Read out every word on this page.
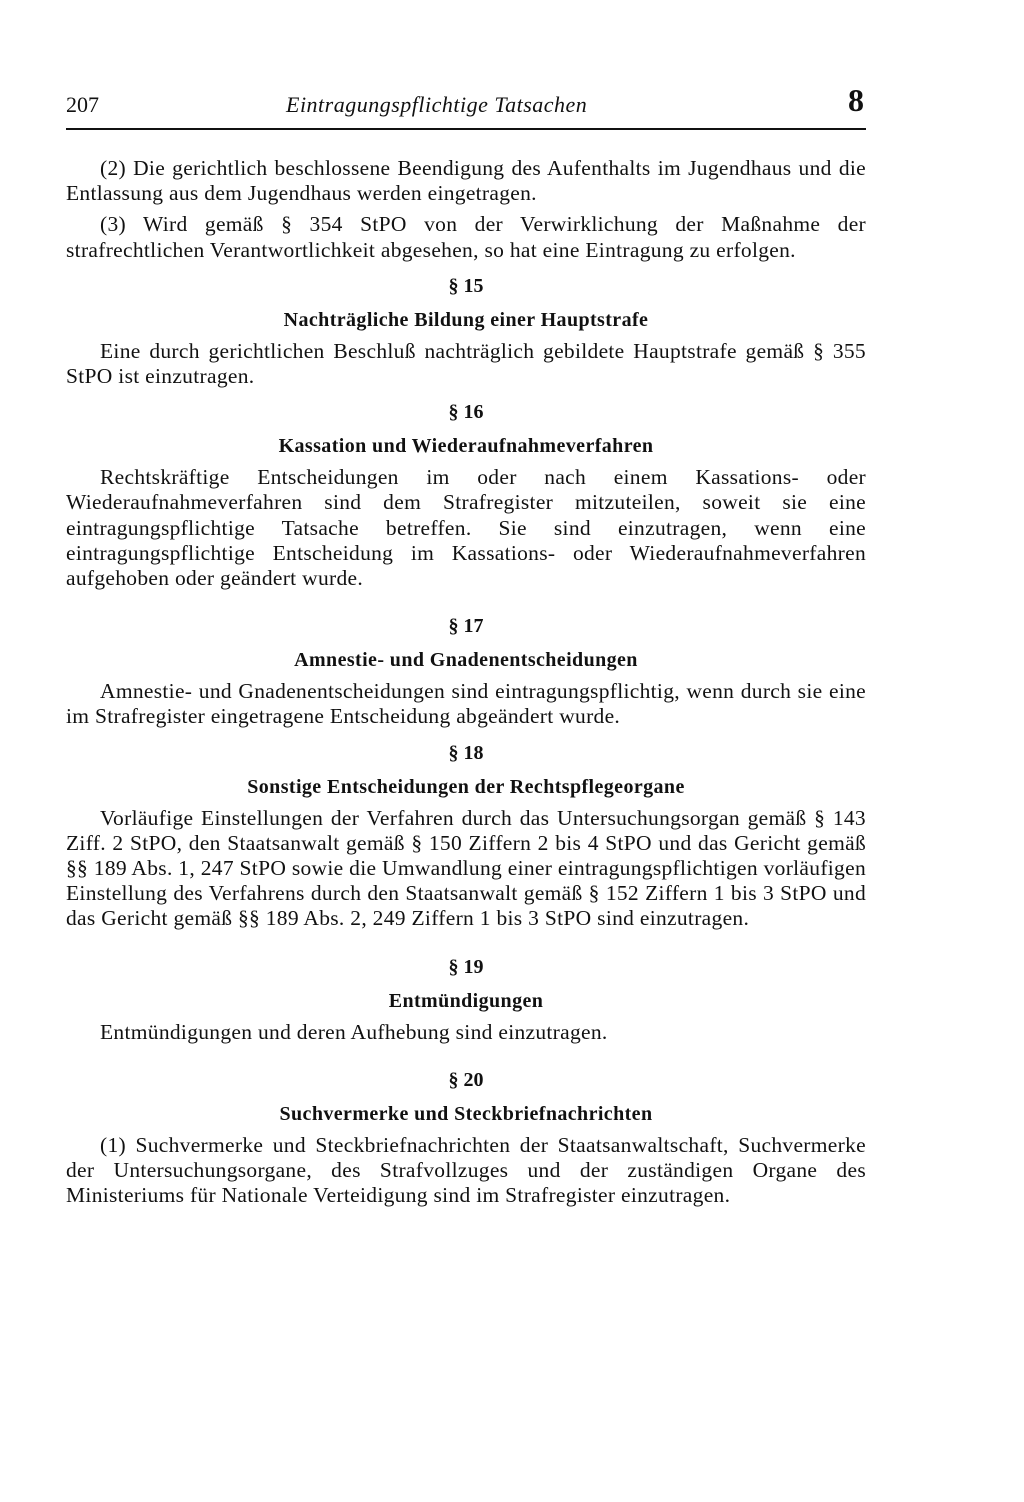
207	Eintragungspflichtige Tatsachen	8

(2) Die gerichtlich beschlossene Beendigung des Aufenthalts im Jugendhaus und die Entlassung aus dem Jugendhaus werden eingetragen.

(3) Wird gemäß § 354 StPO von der Verwirklichung der Maßnahme der strafrechtlichen Verantwortlichkeit abgesehen, so hat eine Eintragung zu erfolgen.

§ 15
Nachträgliche Bildung einer Hauptstrafe

Eine durch gerichtlichen Beschluß nachträglich gebildete Hauptstrafe gemäß § 355 StPO ist einzutragen.

§ 16
Kassation und Wiederaufnahmeverfahren

Rechtskräftige Entscheidungen im oder nach einem Kassations- oder Wiederaufnahmeverfahren sind dem Strafregister mitzuteilen, soweit sie eine eintragungspflichtige Tatsache betreffen. Sie sind einzutragen, wenn eine eintragungspflichtige Entscheidung im Kassations- oder Wiederaufnahmeverfahren aufgehoben oder geändert wurde.

§ 17
Amnestie- und Gnadenentscheidungen

Amnestie- und Gnadenentscheidungen sind eintragungspflichtig, wenn durch sie eine im Strafregister eingetragene Entscheidung abgeändert wurde.

§ 18
Sonstige Entscheidungen der Rechtspflegeorgane

Vorläufige Einstellungen der Verfahren durch das Untersuchungsorgan gemäß § 143 Ziff. 2 StPO, den Staatsanwalt gemäß § 150 Ziffern 2 bis 4 StPO und das Gericht gemäß §§ 189 Abs. 1, 247 StPO sowie die Umwandlung einer eintragungspflichtigen vorläufigen Einstellung des Verfahrens durch den Staatsanwalt gemäß § 152 Ziffern 1 bis 3 StPO und das Gericht gemäß §§ 189 Abs. 2, 249 Ziffern 1 bis 3 StPO sind einzutragen.

§ 19
Entmündigungen

Entmündigungen und deren Aufhebung sind einzutragen.

§ 20
Suchvermerke und Steckbriefnachrichten

(1) Suchvermerke und Steckbriefnachrichten der Staatsanwaltschaft, Suchvermerke der Untersuchungsorgane, des Strafvollzuges und der zuständigen Organe des Ministeriums für Nationale Verteidigung sind im Strafregister einzutragen.
